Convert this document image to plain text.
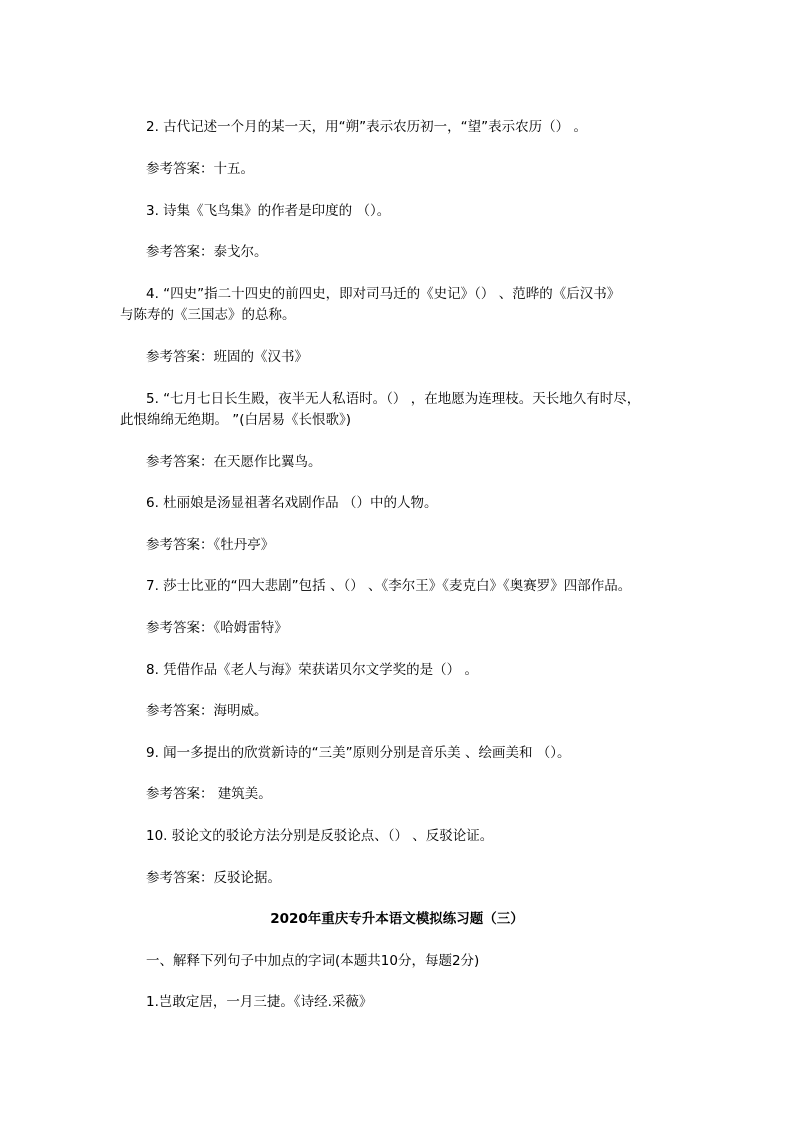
2. 古代记述一个月的某一天，用“朔”表示农历初一，“望”表示农历（） 。
参考答案：十五。
3. 诗集《飞鸟集》的作者是印度的 （）。
参考答案：泰戈尔。
4. “四史”指二十四史的前四史，即对司马迁的《史记》（） 、范晔的《后汉书》
与陈寿的《三国志》的总称。
参考答案：班固的《汉书》
5. “七月七日长生殿，夜半无人私语时。（） ，在地愿为连理枝。天长地久有时尽，
此恨绵绵无绝期。 ”(白居易《长恨歌》)
参考答案：在天愿作比翼鸟。
6. 杜丽娘是汤显祖著名戏剧作品 （）中的人物。
参考答案：《牡丹亭》
7. 莎士比亚的“四大悲剧”包括 、（） 、《李尔王》《麦克白》《奥赛罗》四部作品。
参考答案：《哈姆雷特》
8. 凭借作品《老人与海》荣获诺贝尔文学奖的是（） 。
参考答案：海明威。
9. 闻一多提出的欣赏新诗的“三美”原则分别是音乐美 、绘画美和 （）。
参考答案： 建筑美。
10. 驳论文的驳论方法分别是反驳论点、（） 、反驳论证。
参考答案：反驳论据。
2020年重庆专升本语文模拟练习题（三）
一、解释下列句子中加点的字词(本题共10分，每题2分)
1.岂敢定居，一月三捷。《诗经.采薇》
